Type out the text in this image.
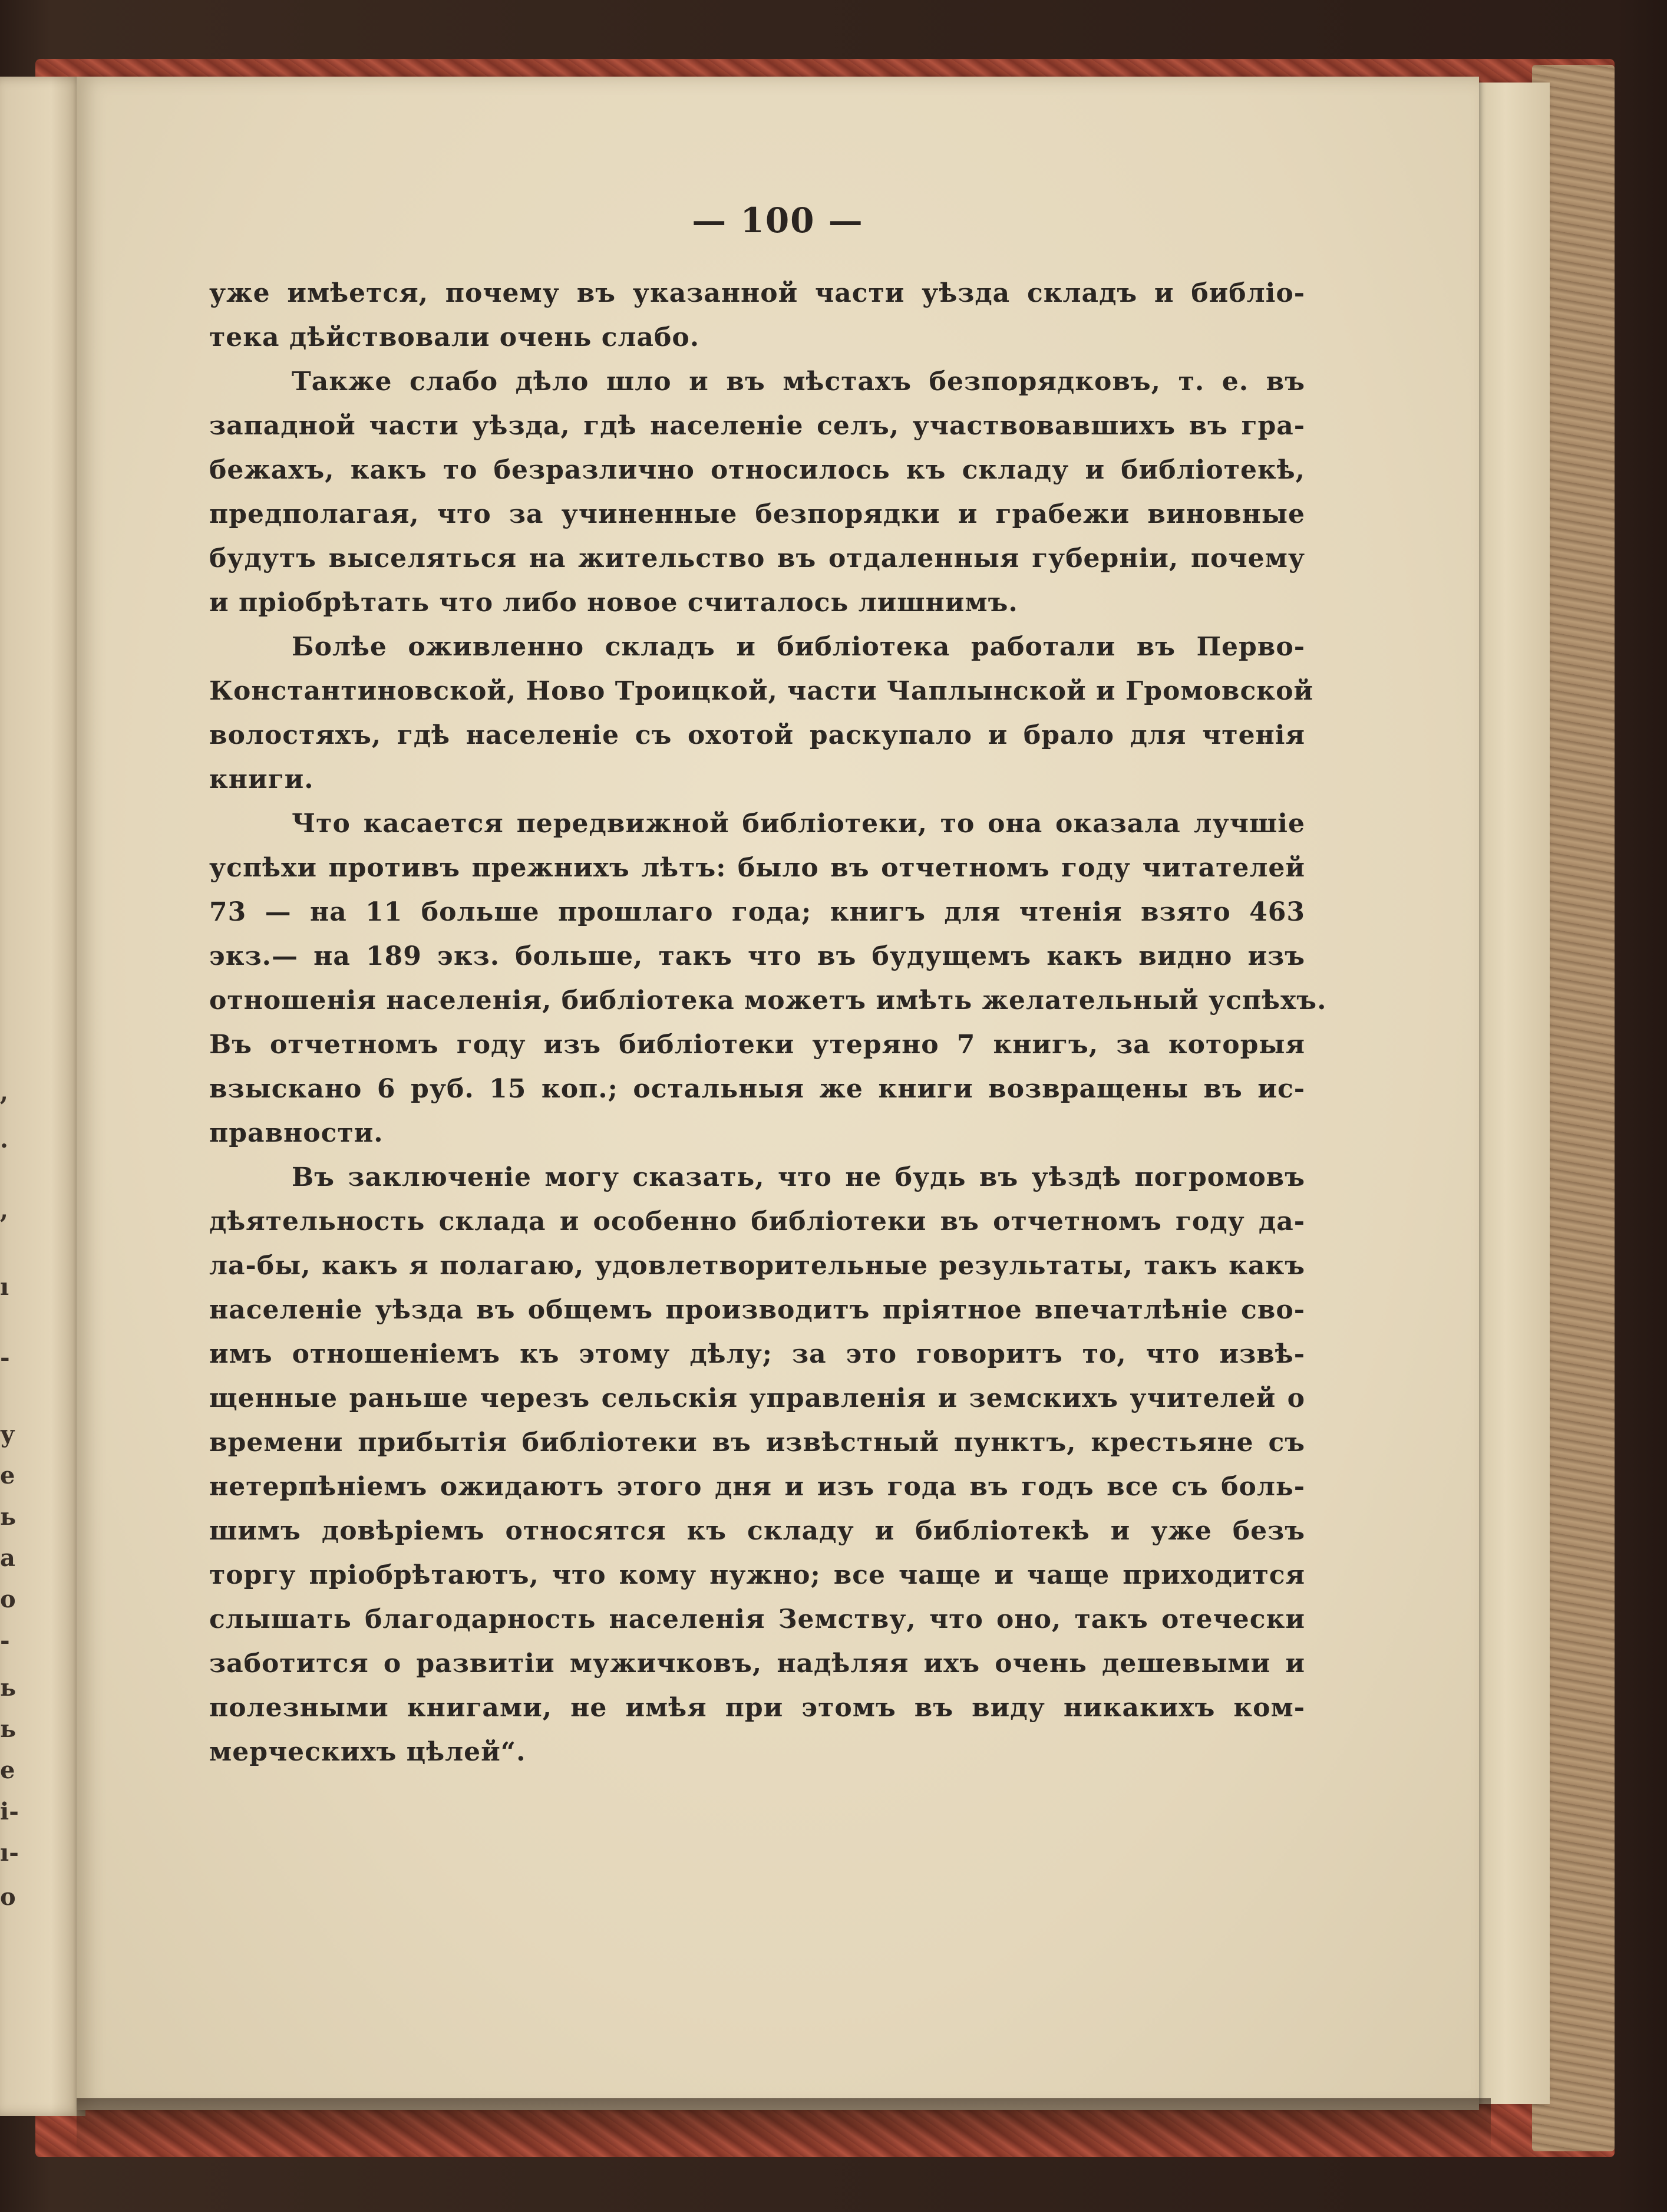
,
.
,
ı
-
у
е
ь
а
о
-
ь
ь
е
і-
ı-
о
— 100 —
уже имѣется, почему въ указанной части уѣзда складъ и библіо-
тека дѣйствовали очень слабо.
Также слабо дѣло шло и въ мѣстахъ безпорядковъ, т. е. въ
западной части уѣзда, гдѣ населеніе селъ, участвовавшихъ въ гра-
бежахъ, какъ то безразлично относилось къ складу и библіотекѣ,
предполагая, что за учиненные безпорядки и грабежи виновные
будутъ выселяться на жительство въ отдаленныя губерніи, почему
и пріобрѣтать что либо новое считалось лишнимъ.
Болѣе оживленно складъ и библіотека работали въ Перво-
Константиновской, Ново Троицкой, части Чаплынской и Громовской
волостяхъ, гдѣ населеніе съ охотой раскупало и брало для чтенія
книги.
Что касается передвижной библіотеки, то она оказала лучшіе
успѣхи противъ прежнихъ лѣтъ: было въ отчетномъ году читателей
73 — на 11 больше прошлаго года; книгъ для чтенія взято 463
экз.— на 189 экз. больше, такъ что въ будущемъ какъ видно изъ
отношенія населенія, библіотека можетъ имѣть желательный успѣхъ.
Въ отчетномъ году изъ библіотеки утеряно 7 книгъ, за которыя
взыскано 6 руб. 15 коп.; остальныя же книги возвращены въ ис-
правности.
Въ заключеніе могу сказать, что не будь въ уѣздѣ погромовъ
дѣятельность склада и особенно библіотеки въ отчетномъ году да-
ла-бы, какъ я полагаю, удовлетворительные результаты, такъ какъ
населеніе уѣзда въ общемъ производитъ пріятное впечатлѣніе сво-
имъ отношеніемъ къ этому дѣлу; за это говоритъ то, что извѣ-
щенные раньше черезъ сельскія управленія и земскихъ учителей о
времени прибытія библіотеки въ извѣстный пунктъ, крестьяне съ
нетерпѣніемъ ожидаютъ этого дня и изъ года въ годъ все съ боль-
шимъ довѣріемъ относятся къ складу и библіотекѣ и уже безъ
торгу пріобрѣтаютъ, что кому нужно; все чаще и чаще приходится
слышать благодарность населенія Земству, что оно, такъ отечески
заботится о развитіи мужичковъ, надѣляя ихъ очень дешевыми и
полезными книгами, не имѣя при этомъ въ виду никакихъ ком-
мерческихъ цѣлей“.
